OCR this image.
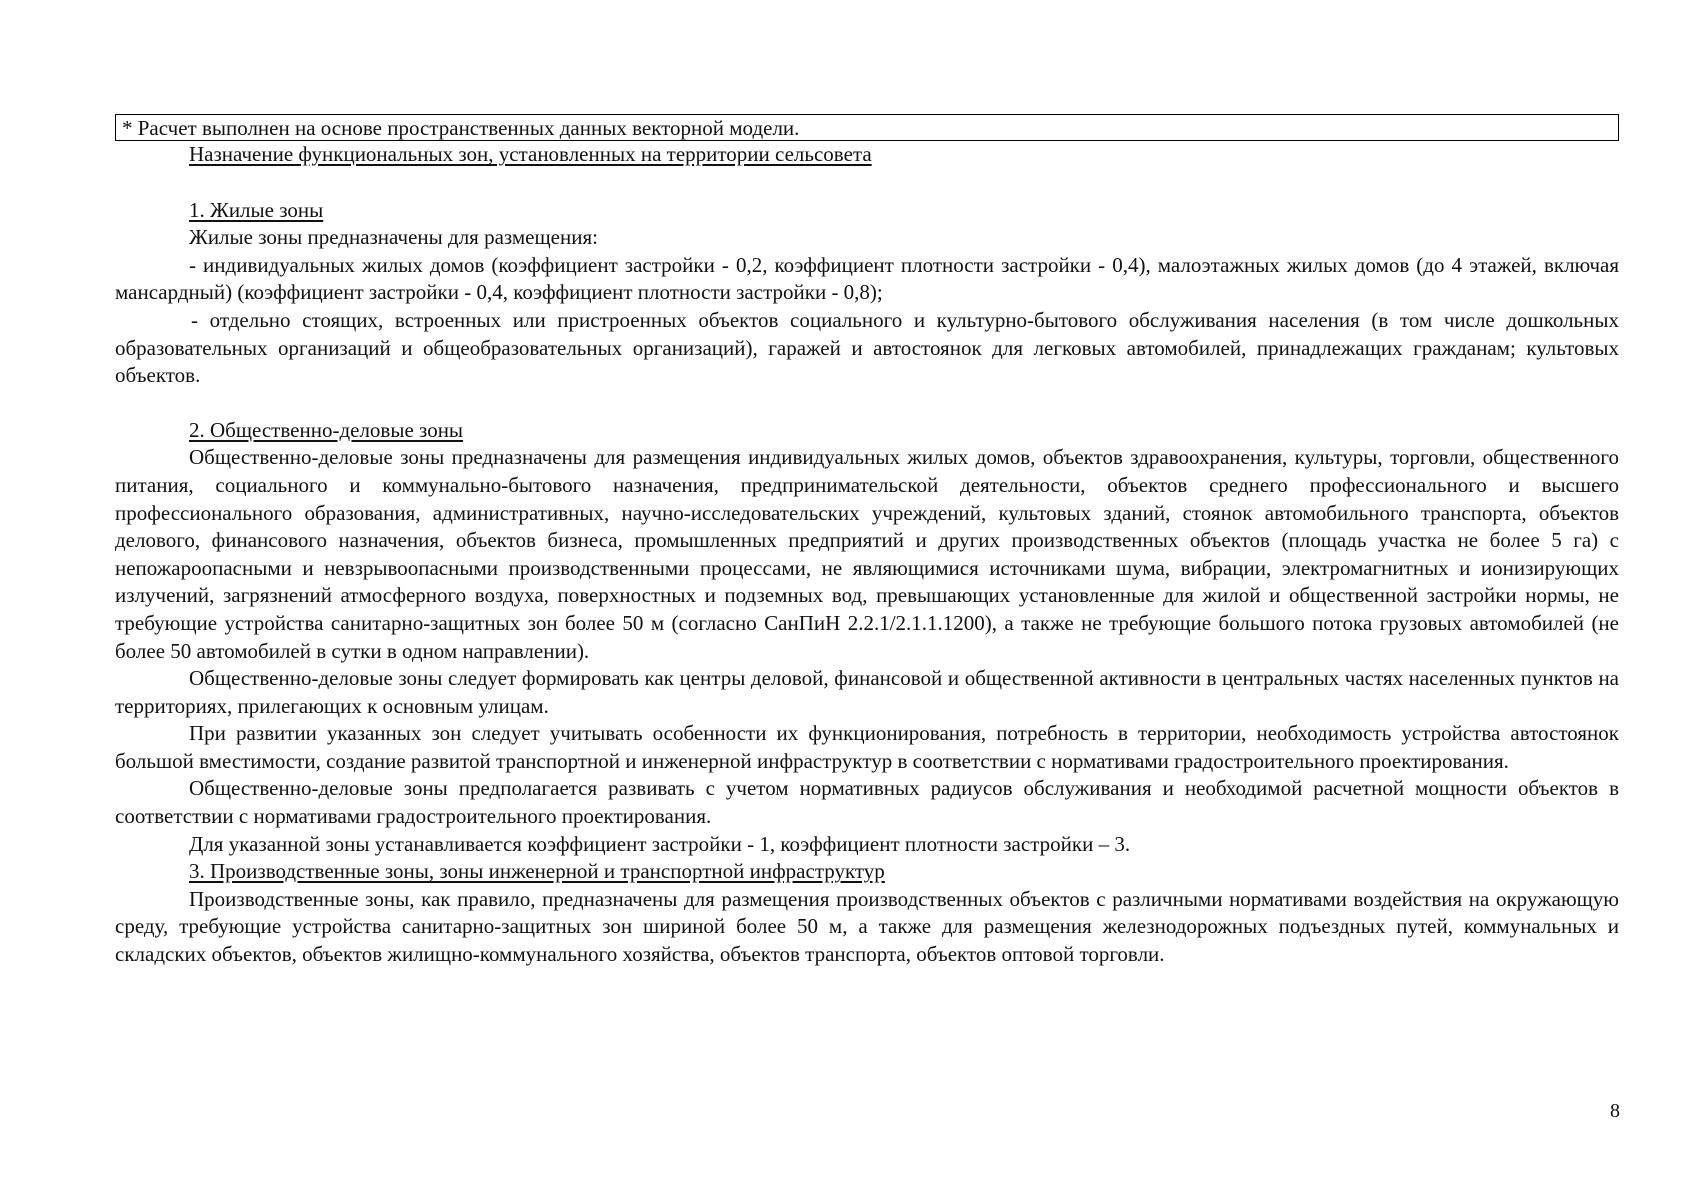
* Расчет выполнен на основе пространственных данных векторной модели.
Назначение функциональных зон, установленных на территории сельсовета
1. Жилые зоны

Жилые зоны предназначены для размещения:

- индивидуальных жилых домов (коэффициент застройки - 0,2, коэффициент плотности застройки - 0,4), малоэтажных жилых домов (до 4 этажей, включая мансардный) (коэффициент застройки - 0,4, коэффициент плотности застройки - 0,8);

- отдельно стоящих, встроенных или пристроенных объектов социального и культурно-бытового обслуживания населения (в том числе дошкольных образовательных организаций и общеобразовательных организаций), гаражей и автостоянок для легковых автомобилей, принадлежащих гражданам; культовых объектов.

2. Общественно-деловые зоны

Общественно-деловые зоны предназначены для размещения индивидуальных жилых домов, объектов здравоохранения, культуры, торговли, общественного питания, социального и коммунально-бытового назначения, предпринимательской деятельности, объектов среднего профессионального и высшего профессионального образования, административных, научно-исследовательских учреждений, культовых зданий, стоянок автомобильного транспорта, объектов делового, финансового назначения, объектов бизнеса, промышленных предприятий и других производственных объектов (площадь участка не более 5 га) с непожароопасными и невзрывоопасными производственными процессами, не являющимися источниками шума, вибрации, электромагнитных и ионизирующих излучений, загрязнений атмосферного воздуха, поверхностных и подземных вод, превышающих установленные для жилой и общественной застройки нормы, не требующие устройства санитарно-защитных зон более 50 м (согласно СанПиН 2.2.1/2.1.1.1200), а также не требующие большого потока грузовых автомобилей (не более 50 автомобилей в сутки в одном направлении).

Общественно-деловые зоны следует формировать как центры деловой, финансовой и общественной активности в центральных частях населенных пунктов на территориях, прилегающих к основным улицам.

При развитии указанных зон следует учитывать особенности их функционирования, потребность в территории, необходимость устройства автостоянок большой вместимости, создание развитой транспортной и инженерной инфраструктур в соответствии с нормативами градостроительного проектирования.

Общественно-деловые зоны предполагается развивать с учетом нормативных радиусов обслуживания и необходимой расчетной мощности объектов в соответствии с нормативами градостроительного проектирования.

Для указанной зоны устанавливается коэффициент застройки - 1, коэффициент плотности застройки – 3.

3. Производственные зоны, зоны инженерной и транспортной инфраструктур

Производственные зоны, как правило, предназначены для размещения производственных объектов с различными нормативами воздействия на окружающую среду, требующие устройства санитарно-защитных зон шириной более 50 м, а также для размещения железнодорожных подъездных путей, коммунальных и складских объектов, объектов жилищно-коммунального хозяйства, объектов транспорта, объектов оптовой торговли.

8
